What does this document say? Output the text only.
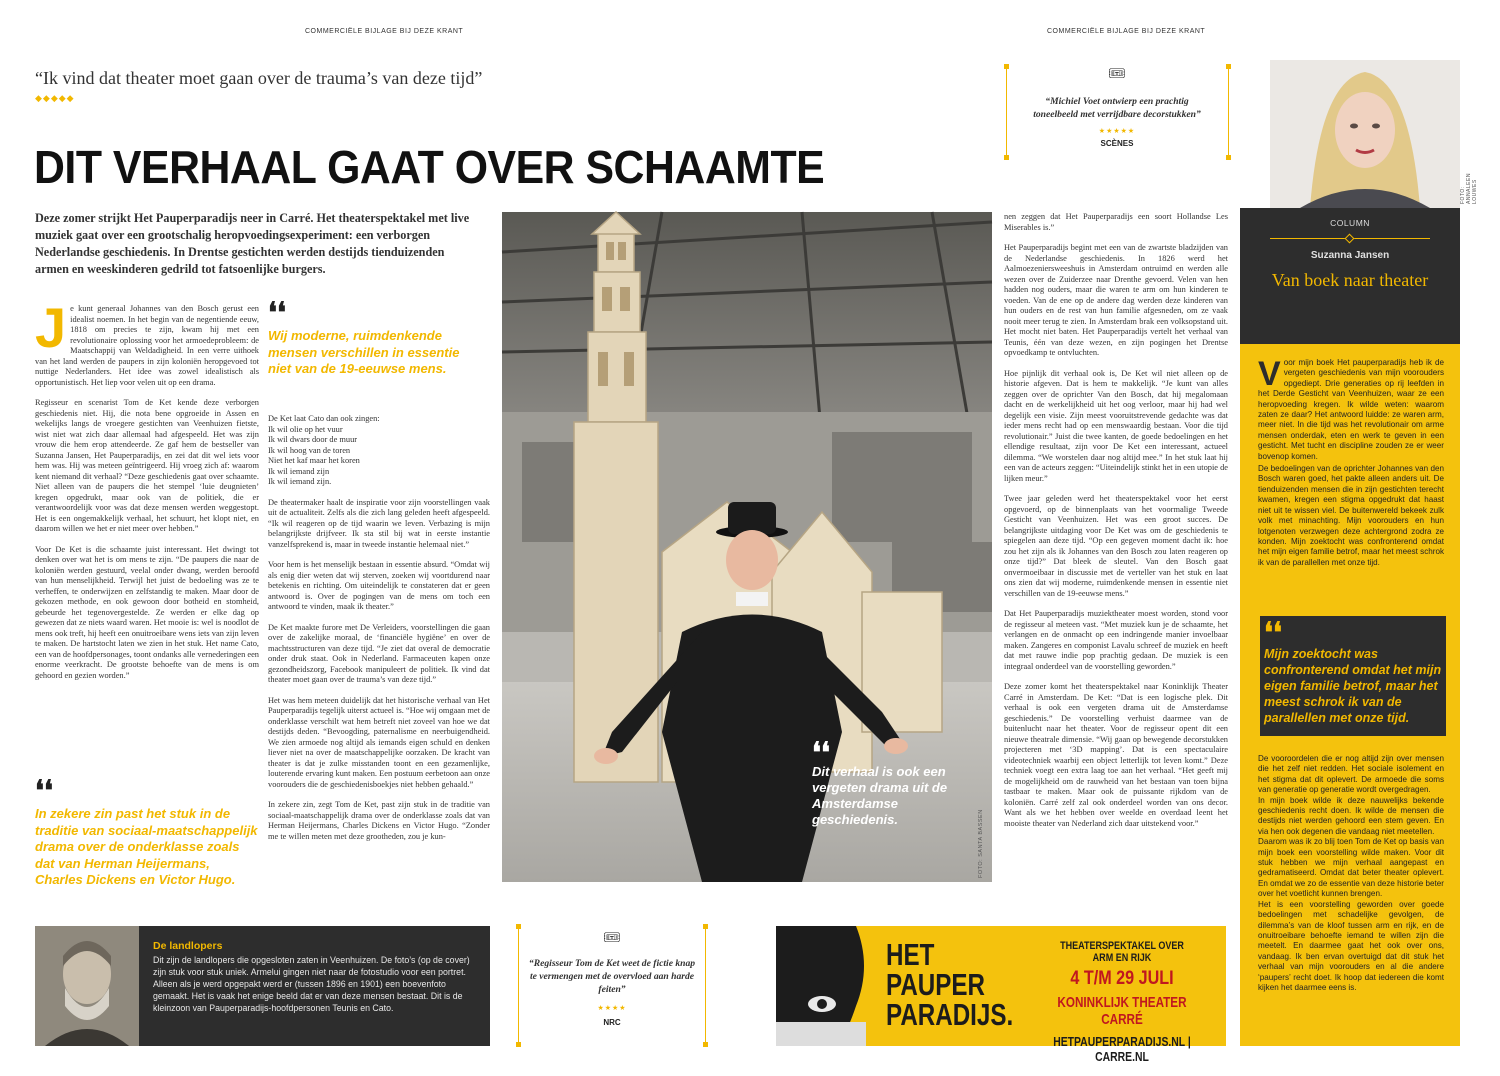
COMMERCIËLE BIJLAGE BIJ DEZE KRANT
“Ik vind dat theater moet gaan over de trauma’s van deze tijd”
◆◆◆◆◆
DIT VERHAAL GAAT OVER SCHAAMTE
Deze zomer strijkt Het Pauperparadijs neer in Carré. Het theaterspektakel met live muziek gaat over een grootschalig heropvoedingsexperiment: een verborgen Nederlandse geschiedenis. In Drentse gestichten werden destijds tienduizenden armen en weeskinderen gedrild tot fatsoenlijke burgers.
J e kunt generaal Johannes van den Bosch gerust een idealist noemen. In het begin van de negentiende eeuw, 1818 om precies te zijn, kwam hij met een revolutionaire oplossing voor het armoedeprobleem: de Maatschappij van Weldadigheid. In een verre uithoek van het land werden de paupers in zijn koloniën heropgevoed tot nuttige Nederlanders. Het idee was zowel idealistisch als opportunistisch. Het liep voor velen uit op een drama.

Regisseur en scenarist Tom de Ket kende deze verborgen geschiedenis niet. Hij, die nota bene opgroeide in Assen en wekelijks langs de vroegere gestichten van Veenhuizen fietste, wist niet wat zich daar allemaal had afgespeeld. Het was zijn vrouw die hem erop attendeerde. Ze gaf hem de bestseller van Suzanna Jansen, Het Pauperparadijs, en zei dat dit wel iets voor hem was. Hij was meteen geïntrigeerd. Hij vroeg zich af: waarom kent niemand dit verhaal? “Deze geschiedenis gaat over schaamte. Niet alleen van de paupers die het stempel ‘luie deugnieten’ kregen opgedrukt, maar ook van de politiek, die er verantwoordelijk voor was dat deze mensen werden weggestopt. Het is een ongemakkelijk verhaal, het schuurt, het klopt niet, en daarom willen we het er niet meer over hebben.”

Voor De Ket is die schaamte juist interessant. Het dwingt tot denken over wat het is om mens te zijn. “De paupers die naar de koloniën werden gestuurd, veelal onder dwang, werden beroofd van hun menselijkheid. Terwijl het juist de bedoeling was ze te verheffen, te onderwijzen en zelfstandig te maken. Maar door de gekozen methode, en ook gewoon door botheid en stomheid, gebeurde het tegenovergestelde. Ze werden er elke dag op gewezen dat ze niets waard waren. Het mooie is: wel is noodlot de mens ook treft, hij heeft een onuitroeibare wens iets van zijn leven te maken. De hartstocht laten we zien in het stuk. Het name Cato, een van de hoofdpersonages, toont ondanks alle vernederingen een enorme veerkracht. De grootste behoefte van de mens is om gehoord en gezien worden.”

❛❛
Wij moderne, ruimdenkende mensen verschillen in essentie niet van de 19-eeuwse mens.
❛❛
In zekere zin past het stuk in de traditie van sociaal-maatschappelijk drama over de onderklasse zoals dat van Herman Heijermans, Charles Dickens en Victor Hugo.

De Ket laat Cato dan ook zingen:

Ik wil olie op het vuur
Ik wil dwars door de muur
Ik wil hoog van de toren
Niet het kaf maar het koren
Ik wil iemand zijn
Ik wil iemand zijn.

De theatermaker haalt de inspiratie voor zijn voorstellingen vaak uit de actualiteit. Zelfs als die zich lang geleden heeft afgespeeld. “Ik wil reageren op de tijd waarin we leven. Verbazing is mijn belangrijkste drijfveer. Ik sta stil bij wat in eerste instantie vanzelfsprekend is, maar in tweede instantie helemaal niet.”

Voor hem is het menselijk bestaan in essentie absurd. “Omdat wij als enig dier weten dat wij sterven, zoeken wij voortdurend naar betekenis en richting. Om uiteindelijk te constateren dat er geen antwoord is. Over de pogingen van de mens om toch een antwoord te vinden, maak ik theater.”

De Ket maakte furore met De Verleiders, voorstellingen die gaan over de zakelijke moraal, de ‘financiële hygiëne’ en over de machtsstructuren van deze tijd. “Je ziet dat overal de democratie onder druk staat. Ook in Nederland. Farmaceuten kapen onze gezondheidszorg, Facebook manipuleert de politiek. Ik vind dat theater moet gaan over de trauma’s van deze tijd.”

Het was hem meteen duidelijk dat het historische verhaal van Het Pauperparadijs tegelijk uiterst actueel is. “Hoe wij omgaan met de onderklasse verschilt wat hem betreft niet zoveel van hoe we dat destijds deden. “Bevoogding, paternalisme en neerbuigendheid. We zien armoede nog altijd als iemands eigen schuld en denken liever niet na over de maatschappelijke oorzaken. De kracht van theater is dat je zulke misstanden toont en een gezamenlijke, louterende ervaring kunt maken. Een postuum eerbetoon aan onze voorouders die de geschiedenisboekjes niet hebben gehaald.”

In zekere zin, zegt Tom de Ket, past zijn stuk in de traditie van sociaal-maatschappelijk drama over de onderklasse zoals dat van Herman Heijermans, Charles Dickens en Victor Hugo. “Zonder me te willen meten met deze grootheden, zou je kun-

❛❛
Dit verhaal is ook een vergeten drama uit de Amsterdamse geschiedenis.	FOTO: SANTA BASSEN
De landlopers
Dit zijn de landlopers die opgesloten zaten in Veenhuizen. De foto’s (op de cover) zijn stuk voor stuk uniek. Armelui gingen niet naar de fotostudio voor een portret. Alleen als je werd opgepakt werd er (tussen 1896 en 1901) een boevenfoto gemaakt. Het is vaak het enige beeld dat er van deze mensen bestaat. Dit is de kleinzoon van Pauperparadijs-hoofdpersonen Teunis en Cato.
🎟
“Regisseur Tom de Ket weet de fictie knap te vermengen met de overvloed aan harde feiten”
★★★★
NRC
COMMERCIËLE BIJLAGE BIJ DEZE KRANT
🎟
“Michiel Voet ontwierp een prachtig toneelbeeld met verrijdbare decorstukken”
★★★★★
SCÈNES

nen zeggen dat Het Pauperparadijs een soort Hollandse Les Miserables is.”

Het Pauperparadijs begint met een van de zwartste bladzijden van de Nederlandse geschiedenis. In 1826 werd het Aalmoezeniersweeshuis in Amsterdam ontruimd en werden alle wezen over de Zuiderzee naar Drenthe gevoerd. Velen van hen hadden nog ouders, maar die waren te arm om hun kinderen te voeden. Van de ene op de andere dag werden deze kinderen van hun ouders en de rest van hun familie afgesneden, om ze vaak nooit meer terug te zien. In Amsterdam brak een volksopstand uit. Het mocht niet baten. Het Pauperparadijs vertelt het verhaal van Teunis, één van deze wezen, en zijn pogingen het Drentse opvoedkamp te ontvluchten.

Hoe pijnlijk dit verhaal ook is, De Ket wil niet alleen op de historie afgeven. Dat is hem te makkelijk. “Je kunt van alles zeggen over de oprichter Van den Bosch, dat hij megalomaan dacht en de werkelijkheid uit het oog verloor, maar hij had wel degelijk een visie. Zijn meest vooruitstrevende gedachte was dat ieder mens recht had op een menswaardig bestaan. Voor die tijd revolutionair.” Juist die twee kanten, de goede bedoelingen en het ellendige resultaat, zijn voor De Ket een interessant, actueel dilemma. “We worstelen daar nog altijd mee.” In het stuk laat hij een van de acteurs zeggen: “Uiteindelijk stinkt het in een utopie de lijken meur.”

Twee jaar geleden werd het theaterspektakel voor het eerst opgevoerd, op de binnenplaats van het voormalige Tweede Gesticht van Veenhuizen. Het was een groot succes. De belangrijkste uitdaging voor De Ket was om de geschiedenis te spiegelen aan deze tijd. “Op een gegeven moment dacht ik: hoe zou het zijn als ik Johannes van den Bosch zou laten reageren op onze tijd?” Dat bleek de sleutel. Van den Bosch gaat onvermoeibaar in discussie met de verteller van het stuk en laat ons zien dat wij moderne, ruimdenkende mensen in essentie niet verschillen van de 19-eeuwse mens.”

Dat Het Pauperparadijs muziektheater moest worden, stond voor de regisseur al meteen vast. “Met muziek kun je de schaamte, het verlangen en de onmacht op een indringende manier invoelbaar maken. Zangeres en componist Lavalu schreef de muziek en heeft dat met rauwe indie pop prachtig gedaan. De muziek is een integraal onderdeel van de voorstelling geworden.”

Deze zomer komt het theaterspektakel naar Koninklijk Theater Carré in Amsterdam. De Ket: “Dat is een logische plek. Dit verhaal is ook een vergeten drama uit de Amsterdamse geschiedenis.” De voorstelling verhuist daarmee van de buitenlucht naar het theater. Voor de regisseur opent dit een nieuwe theatrale dimensie. “Wij gaan op bewegende decorstukken projecteren met ‘3D mapping’. Dat is een spectaculaire videotechniek waarbij een object letterlijk tot leven komt.” Deze techniek voegt een extra laag toe aan het verhaal. “Het geeft mij de mogelijkheid om de rauwheid van het bestaan van toen bijna tastbaar te maken. Maar ook de puissante rijkdom van de koloniën. Carré zelf zal ook onderdeel worden van ons decor. Want als we het hebben over weelde en overdaad leent het mooiste theater van Nederland zich daar uitstekend voor.”

HET
PAUPER
PARADIJS.
THEATERSPEKTAKEL OVER ARM EN RIJK
4 T/M 29 JULI
KONINKLIJK THEATER CARRÉ
HETPAUPERPARADIJS.NL | CARRE.NL
FOTO: ANNALEEN LOUWES
COLUMN
Suzanna Jansen
Van boek naar theater
V oor mijn boek Het pauperparadijs heb ik de vergeten geschiedenis van mijn voorouders opgediept. Drie generaties op rij leefden in het Derde Gesticht van Veenhuizen, waar ze een heropvoeding kregen. Ik wilde weten: waarom zaten ze daar? Het antwoord luidde: ze waren arm, meer niet. In die tijd was het revolutionair om arme mensen onderdak, eten en werk te geven in een gesticht. Met tucht en discipline zouden ze er weer bovenop komen.

De bedoelingen van de oprichter Johannes van den Bosch waren goed, het pakte alleen anders uit. De tienduizenden mensen die in zijn gestichten terecht kwamen, kregen een stigma opgedrukt dat haast niet uit te wissen viel. De buitenwereld bekeek zulk volk met minachting. Mijn voorouders en hun lotgenoten verzwegen deze achtergrond zodra ze konden. Mijn zoektocht was confronterend omdat het mijn eigen familie betrof, maar het meest schrok ik van de parallellen met onze tijd.

❛❛
Mijn zoektocht was confronterend omdat het mijn eigen familie betrof, maar het meest schrok ik van de parallellen met onze tijd.

De vooroordelen die er nog altijd zijn over mensen die het zelf niet redden. Het sociale isolement en het stigma dat dit oplevert. De armoede die soms van generatie op generatie wordt overgedragen.

In mijn boek wilde ik deze nauwelijks bekende geschiedenis recht doen. Ik wilde de mensen die destijds niet werden gehoord een stem geven. En via hen ook degenen die vandaag niet meetellen.

Daarom was ik zo blij toen Tom de Ket op basis van mijn boek een voorstelling wilde maken. Voor dit stuk hebben we mijn verhaal aangepast en gedramatiseerd. Omdat dat beter theater oplevert. En omdat we zo de essentie van deze historie beter over het voetlicht kunnen brengen.

Het is een voorstelling geworden over goede bedoelingen met schadelijke gevolgen, de dilemma’s van de kloof tussen arm en rijk, en de onuitroeibare behoefte iemand te willen zijn die meetelt. En daarmee gaat het ook over ons, vandaag. Ik ben ervan overtuigd dat dit stuk het verhaal van mijn voorouders en al die andere ‘paupers’ recht doet. Ik hoop dat iedereen die komt kijken het daarmee eens is.
